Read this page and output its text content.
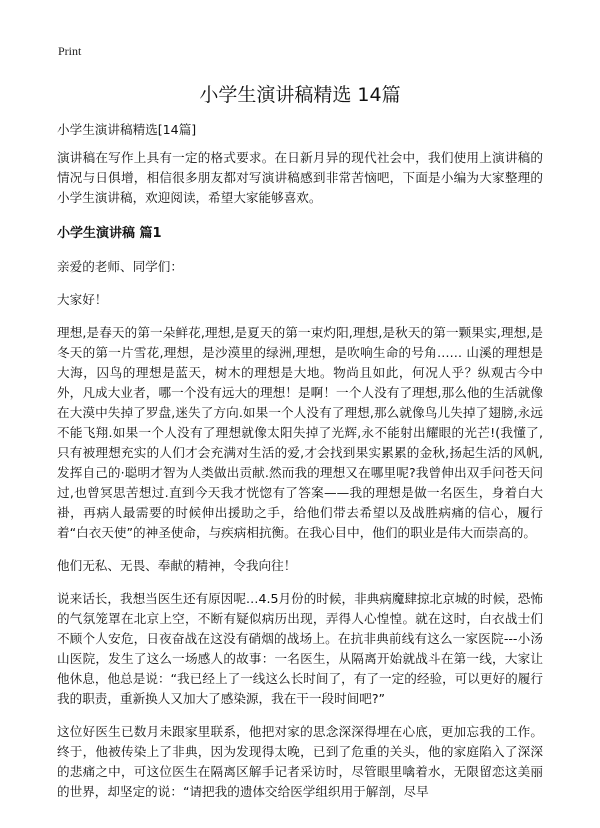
Print
小学生演讲稿精选 14篇

小学生演讲稿精选[14篇]

演讲稿在写作上具有一定的格式要求。在日新月异的现代社会中，我们使用上演讲稿的情况与日俱增，相信很多朋友都对写演讲稿感到非常苦恼吧，下面是小编为大家整理的小学生演讲稿，欢迎阅读，希望大家能够喜欢。

小学生演讲稿 篇1

亲爱的老师、同学们：

大家好！

理想,是春天的第一朵鲜花,理想,是夏天的第一束灼阳,理想,是秋天的第一颗果实,理想,是冬天的第一片雪花,理想，是沙漠里的绿洲,理想，是吹响生命的号角…… 山溪的理想是大海，囚鸟的理想是蓝天，树木的理想是大地。物尚且如此，何况人乎？纵观古今中外，凡成大业者，哪一个没有远大的理想！是啊！一个人没有了理想,那么他的生活就像在大漠中失掉了罗盘,迷失了方向.如果一个人没有了理想,那么就像鸟儿失掉了翅膀,永远不能飞翔.如果一个人没有了理想就像太阳失掉了光辉,永不能射出耀眼的光芒!(我懂了,只有被理想充实的人们才会充满对生活的爱,才会找到果实累累的金秋,扬起生活的风帆,发挥自己的·聪明才智为人类做出贡献.然而我的理想又在哪里呢?我曾伸出双手问苍天问过,也曾冥思苦想过.直到今天我才恍惚有了答案——我的理想是做一名医生，身着白大褂，再病人最需要的时候伸出援助之手，给他们带去希望以及战胜病痛的信心，履行着“白衣天使”的神圣使命，与疾病相抗衡。在我心目中，他们的职业是伟大而崇高的。

他们无私、无畏、奉献的精神，令我向往！

说来话长，我想当医生还有原因呢…4.5月份的时候，非典病魔肆掠北京城的时候，恐怖的气氛笼罩在北京上空，不断有疑似病历出现，弄得人心惶惶。就在这时，白衣战士们不顾个人安危，日夜奋战在这没有硝烟的战场上。在抗非典前线有这么一家医院---小汤山医院，发生了这么一场感人的故事：一名医生，从隔离开始就战斗在第一线，大家让他休息，他总是说：“我已经上了一线这么长时间了，有了一定的经验，可以更好的履行我的职责，重新换人又加大了感染源，我在干一段时间吧?”

这位好医生已数月未跟家里联系，他把对家的思念深深得埋在心底，更加忘我的工作。终于，他被传染上了非典，因为发现得太晚，已到了危重的关头，他的家庭陷入了深深的悲痛之中，可这位医生在隔离区解手记者采访时，尽管眼里噙着水，无限留恋这美丽的世界，却坚定的说：“请把我的遗体交给医学组织用于解剖，尽早
